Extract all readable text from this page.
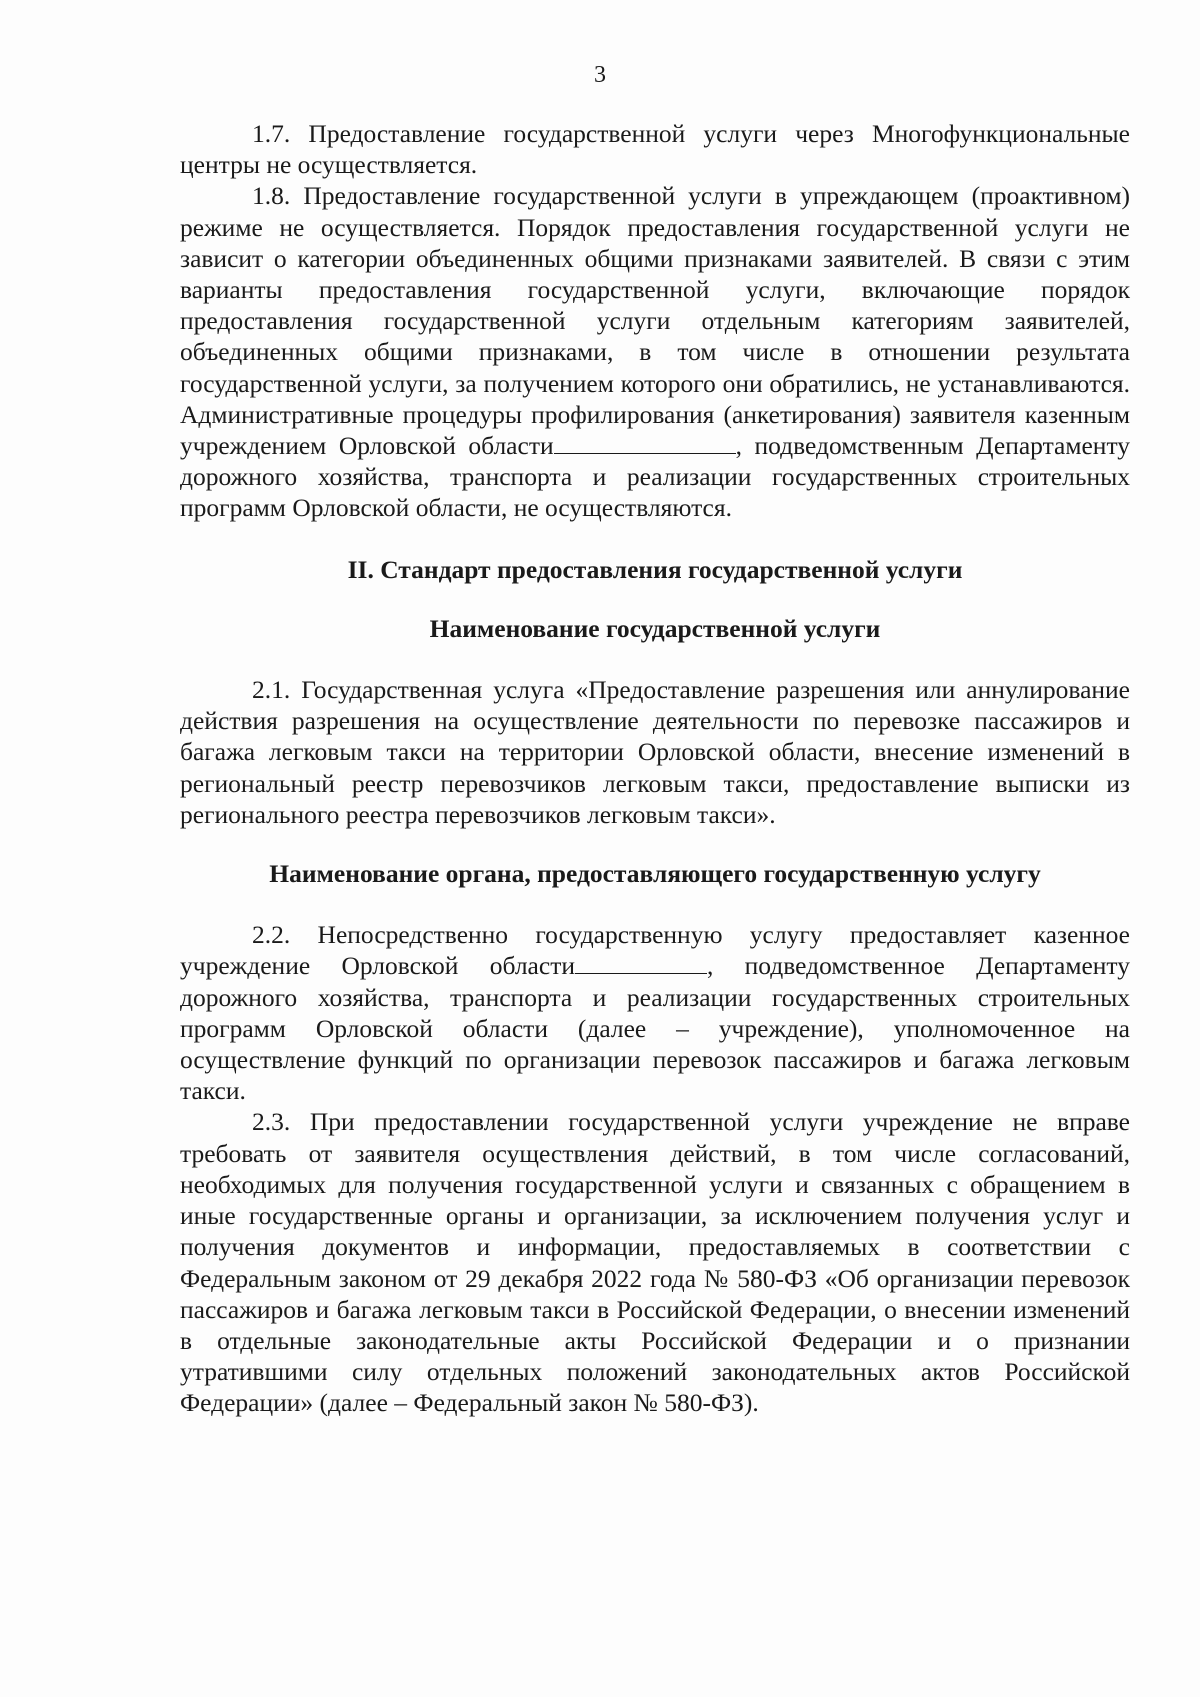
3

1.7. Предоставление государственной услуги через Многофункциональные центры не осуществляется.

1.8. Предоставление государственной услуги в упреждающем (проактивном) режиме не осуществляется. Порядок предоставления государственной услуги не зависит о категории объединенных общими признаками заявителей. В связи с этим варианты предоставления государственной услуги, включающие порядок предоставления государственной услуги отдельным категориям заявителей, объединенных общими признаками, в том числе в отношении результата государственной услуги, за получением которого они обратились, не устанавливаются. Административные процедуры профилирования (анкетирования) заявителя казенным учреждением Орловской области	, подведомственным Департаменту дорожного хозяйства, транспорта и реализации государственных строительных программ Орловской области, не осуществляются.

II. Стандарт предоставления государственной услуги

Наименование государственной услуги

2.1. Государственная услуга «Предоставление разрешения или аннулирование действия разрешения на осуществление деятельности по перевозке пассажиров и багажа легковым такси на территории Орловской области, внесение изменений в региональный реестр перевозчиков легковым такси, предоставление выписки из регионального реестра перевозчиков легковым такси».

Наименование органа, предоставляющего государственную услугу

2.2. Непосредственно государственную услугу предоставляет казенное учреждение Орловской области	, подведомственное Департаменту дорожного хозяйства, транспорта и реализации государственных строительных программ Орловской области (далее – учреждение), уполномоченное на осуществление функций по организации перевозок пассажиров и багажа легковым такси.

2.3. При предоставлении государственной услуги учреждение не вправе требовать от заявителя осуществления действий, в том числе согласований, необходимых для получения государственной услуги и связанных с обращением в иные государственные органы и организации, за исключением получения услуг и получения документов и информации, предоставляемых в соответствии с Федеральным законом от 29 декабря 2022 года № 580-ФЗ «Об организации перевозок пассажиров и багажа легковым такси в Российской Федерации, о внесении изменений в отдельные законодательные акты Российской Федерации и о признании утратившими силу отдельных положений законодательных актов Российской Федерации» (далее – Федеральный закон № 580-ФЗ).
